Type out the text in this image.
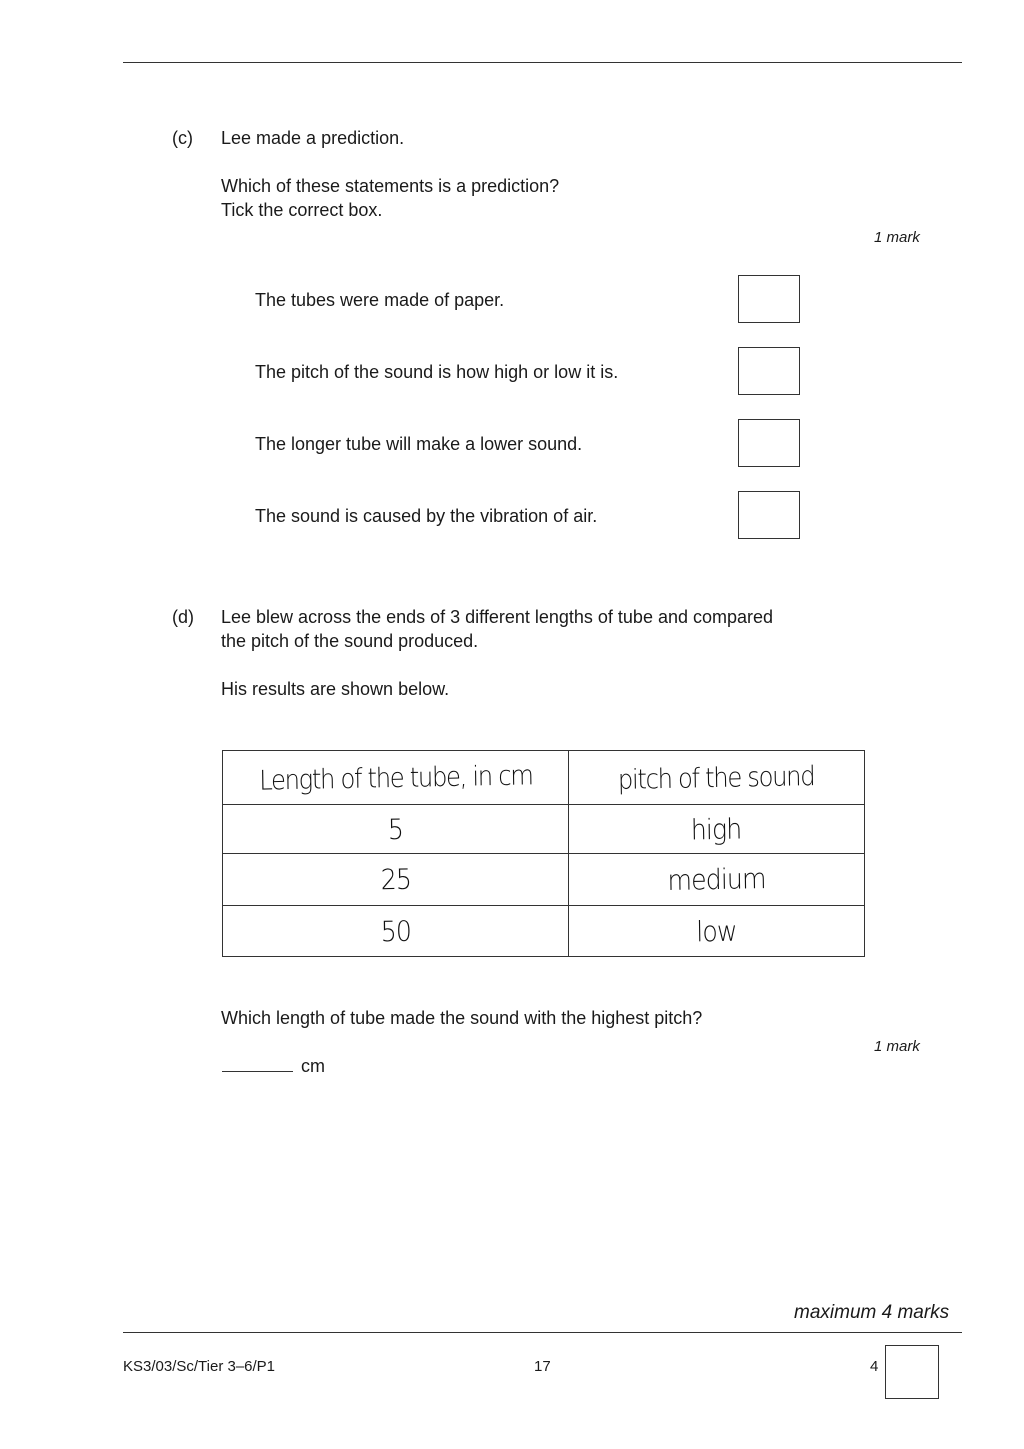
(c) Lee made a prediction.
Which of these statements is a prediction?
Tick the correct box.
1 mark
The tubes were made of paper.
The pitch of the sound is how high or low it is.
The longer tube will make a lower sound.
The sound is caused by the vibration of air.
(d) Lee blew across the ends of 3 different lengths of tube and compared
the pitch of the sound produced.
His results are shown below.
Length of the tube, in cm	pitch of the sound
5	high
25	medium
50	low
Which length of tube made the sound with the highest pitch?
1 mark
cm
maximum 4 marks
KS3/03/Sc/Tier 3–6/P1	17	4
